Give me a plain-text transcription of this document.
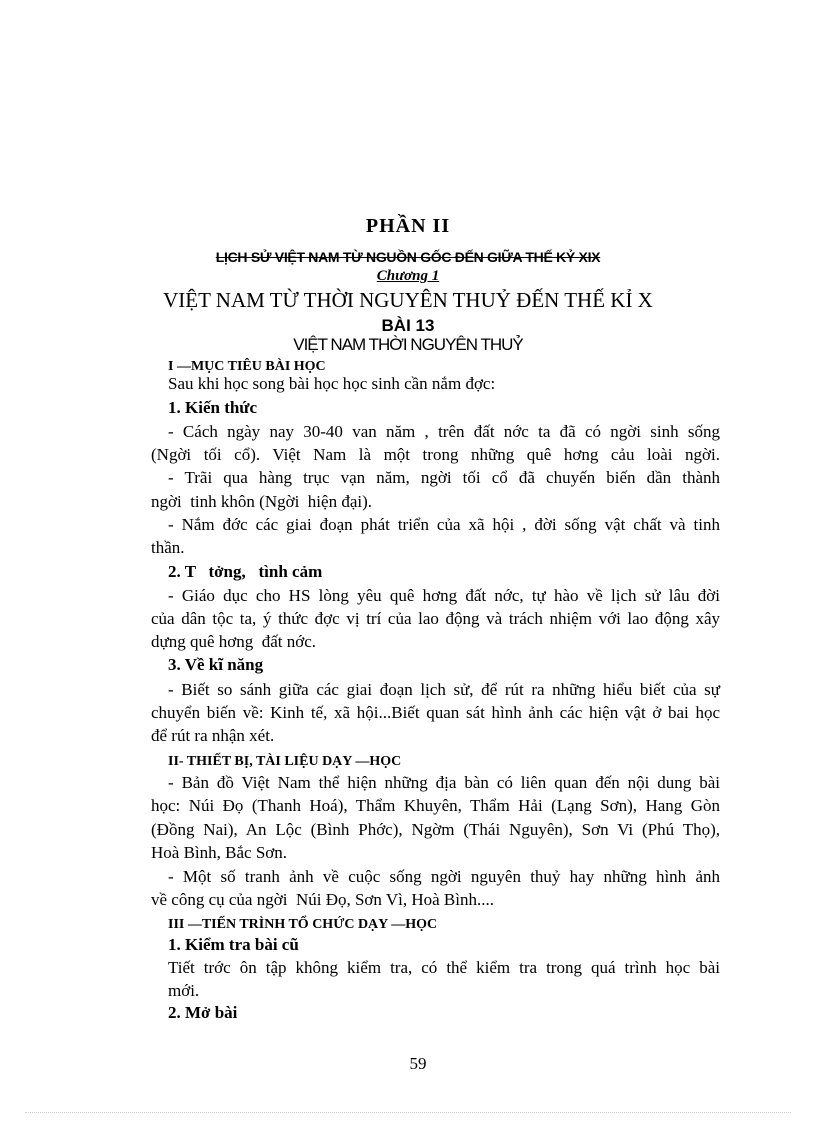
PHẦN II
LỊCH SỬ VIỆT NAM TỪ NGUỒN GỐC ĐẾN GIỮA THẾ KỶ XIX
Chương 1
VIỆT NAM TỪ THỜI NGUYÊN THUỶ ĐẾN THẾ KỈ X
BÀI 13
VIỆT NAM THỜI NGUYÊN THUỶ
I —MỤC TIÊU BÀI HỌC
Sau khi học song bài học học sinh cần nắm đợc:
1. Kiến thức
- Cách ngày nay 30-40 van năm , trên đất nớc ta đã có ngời sinh sống
(Ngời tối cổ). Việt Nam là một trong những quê hơng cảu loài ngời.
- Trãi qua hàng trục vạn năm, ngời tối cổ đã chuyến biến dần thành
ngời  tinh khôn (Ngời  hiện đại).
- Nắm đớc các giai đoạn phát triển của xã hội , đời sống vật chất và tinh
thần.
2. T   tởng,   tình cảm
- Giáo dục cho HS lòng yêu quê hơng đất nớc, tự hào về lịch sử lâu đời
của dân tộc ta, ý thức đợc vị trí của lao động và trách nhiệm với lao động xây
dựng quê hơng  đất nớc.
3. Về kĩ năng
- Biết so sánh giữa các giai đoạn lịch sử, để rút ra những hiểu biết của sự
chuyển biến về: Kinh tế, xã hội...Biết quan sát hình ảnh các hiện vật ở bai học
để rút ra nhận xét.
II- THIẾT BỊ, TÀI LIỆU DẠY —HỌC
- Bản đồ Việt Nam thể hiện những địa bàn có liên quan đến nội dung bài
học: Núi Đọ (Thanh Hoá), Thẩm Khuyên, Thẩm Hải (Lạng Sơn), Hang Gòn
(Đồng Nai), An Lộc (Bình Phớc), Ngờm (Thái Nguyên), Sơn Vi (Phú Thọ),
Hoà Bình, Bắc Sơn.
- Một số tranh ảnh về cuộc sống ngời nguyên thuỷ hay những hình ảnh
về công cụ của ngời  Núi Đọ, Sơn Vì, Hoà Bình....
III —TIẾN TRÌNH TỔ CHỨC DẠY —HỌC
1. Kiểm tra bài cũ
Tiết trớc ôn tập không kiểm tra, có thể kiểm tra trong quá trình học bài
mới.
2. Mở bài
59
